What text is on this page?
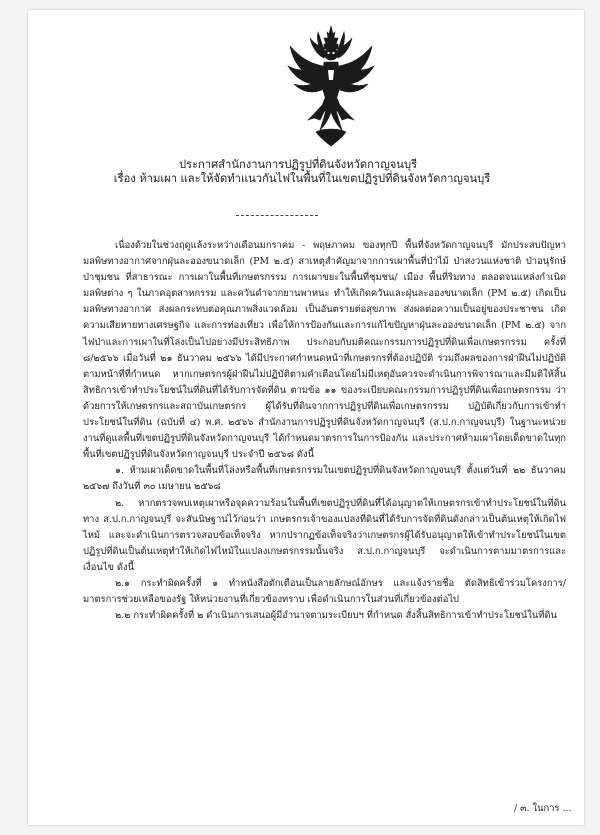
ประกาศสำนักงานการปฏิรูปที่ดินจังหวัดกาญจนบุรี
เรื่อง ห้ามเผา และให้จัดทำแนวกันไฟในพื้นที่ในเขตปฏิรูปที่ดินจังหวัดกาญจนบุรี

เนื่องด้วยในช่วงฤดูแล้งระหว่างเดือนมกราคม - พฤษภาคม ของทุกปี พื้นที่จังหวัดกาญจนบุรี มักประสบปัญหามลพิษทางอากาศจากฝุ่นละอองขนาดเล็ก (PM ๒.๕) สาเหตุสำคัญมาจากการเผาพื้นที่ป่าไม้ ป่าสงวนแห่งชาติ ป่าอนุรักษ์ ป่าชุมชน ที่สาธารณะ การเผาในพื้นที่เกษตรกรรม การเผาขยะในพื้นที่ชุมชน/ เมือง พื้นที่ริมทาง ตลอดจนแหล่งกำเนิดมลพิษต่าง ๆ ในภาคอุตสาหกรรม และควันดำจากยานพาหนะ ทำให้เกิดควันและฝุ่นละอองขนาดเล็ก (PM ๒.๕) เกิดเป็นมลพิษทางอากาศ ส่งผลกระทบต่อคุณภาพสิ่งแวดล้อม เป็นอันตรายต่อสุขภาพ ส่งผลต่อความเป็นอยู่ของประชาชน เกิดความเสียหายทางเศรษฐกิจ และการท่องเที่ยว เพื่อให้การป้องกันและการแก้ไขปัญหาฝุ่นละอองขนาดเล็ก (PM ๒.๕) จากไฟป่าและการเผาในที่โล่งเป็นไปอย่างมีประสิทธิภาพ ประกอบกับมติคณะกรรมการปฏิรูปที่ดินเพื่อเกษตรกรรม ครั้งที่ ๘/๒๕๖๖ เมื่อวันที่ ๒๑ ธันวาคม ๒๕๖๖ ได้มีประกาศกำหนดหน้าที่เกษตรกรที่ต้องปฏิบัติ รวมถึงผลของการฝ่าฝืนไม่ปฏิบัติตามหน้าที่ที่กำหนด หากเกษตรกรผู้ฝ่าฝืนไม่ปฏิบัติตามคำเตือนโดยไม่มีเหตุอันควรจะดำเนินการพิจารณาและมีมติให้สิ้นสิทธิการเข้าทำประโยชน์ในที่ดินที่ได้รับการจัดที่ดิน ตามข้อ ๑๑ ของระเบียบคณะกรรมการปฏิรูปที่ดินเพื่อเกษตรกรรม ว่าด้วยการให้เกษตรกรและสถาบันเกษตรกร ผู้ได้รับที่ดินจากการปฏิรูปที่ดินเพื่อเกษตรกรรม ปฏิบัติเกี่ยวกับการเข้าทำประโยชน์ในที่ดิน (ฉบับที่ ๔) พ.ศ. ๒๕๖๖ สำนักงานการปฏิรูปที่ดินจังหวัดกาญจนบุรี (ส.ป.ก.กาญจนบุรี) ในฐานะหน่วยงานที่ดูแลพื้นที่เขตปฏิรูปที่ดินจังหวัดกาญจนบุรี ได้กำหนดมาตรการในการป้องกัน และประกาศห้ามเผาโดยเด็ดขาดในทุกพื้นที่เขตปฏิรูปที่ดินจังหวัดกาญจนบุรี ประจำปี ๒๕๖๘ ดังนี้

๑. ห้ามเผาเด็ดขาดในพื้นที่โล่งหรือพื้นที่เกษตรกรรมในเขตปฏิรูปที่ดินจังหวัดกาญจนบุรี ตั้งแต่วันที่ ๒๒ ธันวาคม ๒๕๖๗ ถึงวันที่ ๓๐ เมษายน ๒๕๖๘

๒. หากตรวจพบเหตุเผาหรือจุดความร้อนในพื้นที่เขตปฏิรูปที่ดินที่ได้อนุญาตให้เกษตรกรเข้าทำประโยชน์ในที่ดิน ทาง ส.ป.ก.กาญจนบุรี จะสันนิษฐานไว้ก่อนว่า เกษตรกรเจ้าของแปลงที่ดินที่ได้รับการจัดที่ดินดังกล่าวเป็นต้นเหตุให้เกิดไฟไหม้ และจะดำเนินการตรวจสอบข้อเท็จจริง หากปรากฏข้อเท็จจริงว่าเกษตรกรผู้ได้รับอนุญาตให้เข้าทำประโยชน์ในเขตปฏิรูปที่ดินเป็นต้นเหตุทำให้เกิดไฟไหม้ในแปลงเกษตรกรรมนั้นจริง ส.ป.ก.กาญจนบุรี จะดำเนินการตามมาตรการและเงื่อนไข ดังนี้

๒.๑ กระทำผิดครั้งที่ ๑ ทำหนังสือตักเตือนเป็นลายลักษณ์อักษร และแจ้งรายชื่อ ตัดสิทธิเข้าร่วมโครงการ/มาตรการช่วยเหลือของรัฐ ให้หน่วยงานที่เกี่ยวข้องทราบ เพื่อดำเนินการในส่วนที่เกี่ยวข้องต่อไป

๒.๒ กระทำผิดครั้งที่ ๒ ดำเนินการเสนอผู้มีอำนาจตามระเบียบฯ ที่กำหนด สั่งสิ้นสิทธิการเข้าทำประโยชน์ในที่ดิน

/ ๓. ในการ ...
